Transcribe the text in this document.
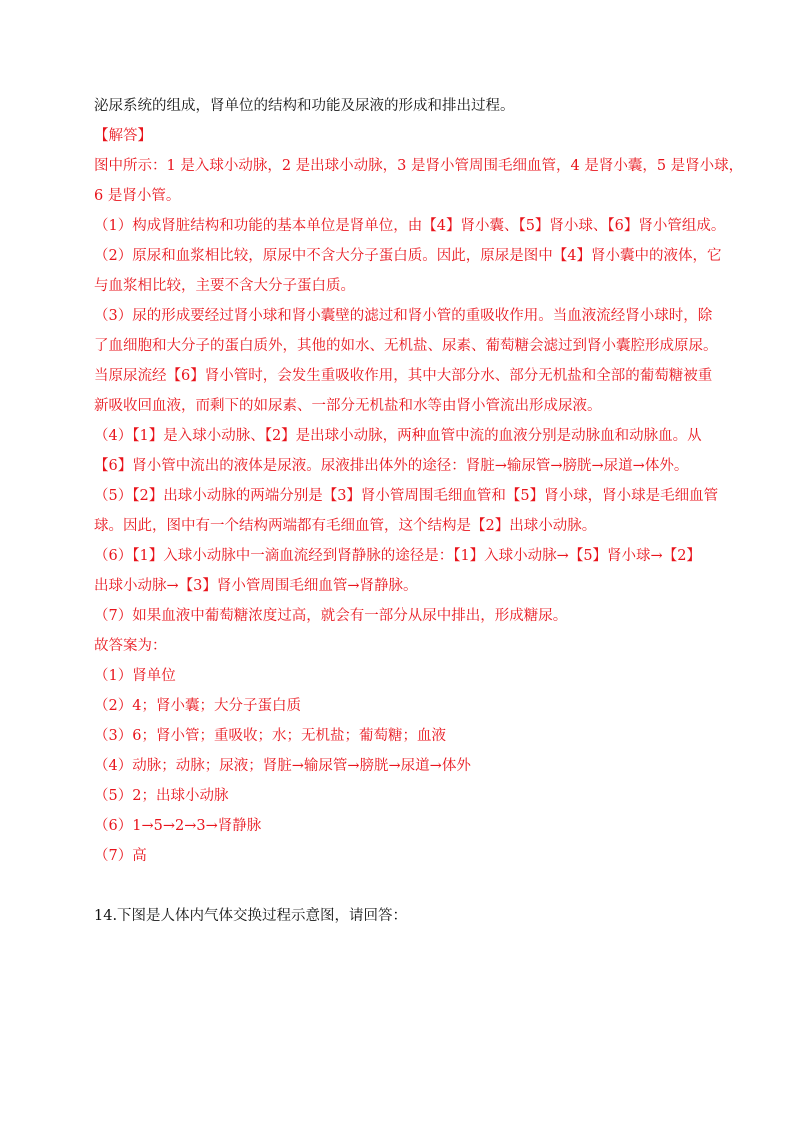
泌尿系统的组成，肾单位的结构和功能及尿液的形成和排出过程。

【解答】

图中所示：1 是入球小动脉，2 是出球小动脉，3 是肾小管周围毛细血管，4 是肾小囊，5 是肾小球，

6 是肾小管。

（1）构成肾脏结构和功能的基本单位是肾单位，由【4】肾小囊、【5】肾小球、【6】肾小管组成。

（2）原尿和血浆相比较，原尿中不含大分子蛋白质。因此，原尿是图中【4】肾小囊中的液体，它

与血浆相比较，主要不含大分子蛋白质。

（3）尿的形成要经过肾小球和肾小囊壁的滤过和肾小管的重吸收作用。当血液流经肾小球时，除

了血细胞和大分子的蛋白质外，其他的如水、无机盐、尿素、葡萄糖会滤过到肾小囊腔形成原尿。

当原尿流经【6】肾小管时，会发生重吸收作用，其中大部分水、部分无机盐和全部的葡萄糖被重

新吸收回血液，而剩下的如尿素、一部分无机盐和水等由肾小管流出形成尿液。

（4）【1】是入球小动脉、【2】是出球小动脉，两种血管中流的血液分别是动脉血和动脉血。从

【6】肾小管中流出的液体是尿液。尿液排出体外的途径：肾脏→输尿管→膀胱→尿道→体外。

（5）【2】出球小动脉的两端分别是【3】肾小管周围毛细血管和【5】肾小球，肾小球是毛细血管

球。因此，图中有一个结构两端都有毛细血管，这个结构是【2】出球小动脉。

（6）【1】入球小动脉中一滴血流经到肾静脉的途径是：【1】入球小动脉→【5】肾小球→【2】

出球小动脉→【3】肾小管周围毛细血管→肾静脉。

（7）如果血液中葡萄糖浓度过高，就会有一部分从尿中排出，形成糖尿。

故答案为：

（1）肾单位

（2）4；肾小囊；大分子蛋白质

（3）6；肾小管；重吸收；水；无机盐；葡萄糖；血液

（4）动脉；动脉；尿液；肾脏→输尿管→膀胱→尿道→体外

（5）2；出球小动脉

（6）1→5→2→3→肾静脉

（7）高

14.下图是人体内气体交换过程示意图，请回答：
